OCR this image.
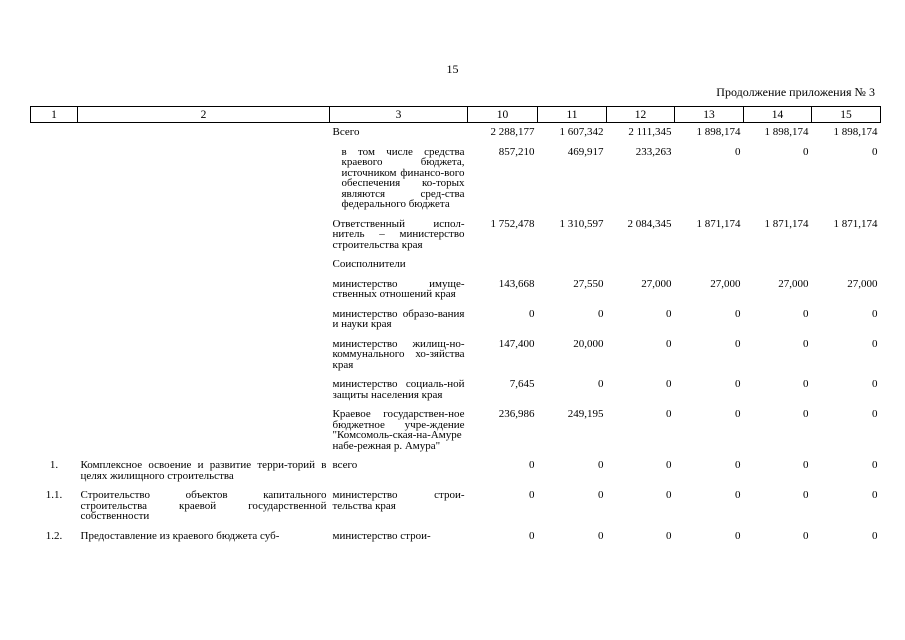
15
Продолжение приложения № 3
1	2	3	10	11	12	13	14	15
		Всего	2 288,177	1 607,342	2 111,345	1 898,174	1 898,174	1 898,174
		в том числе средства краевого бюджета, источником финансо-вого обеспечения ко-торых являются сред-ства федерального бюджета	857,210	469,917	233,263	0	0	0
		Ответственный испол-нитель – министерство строительства края	1 752,478	1 310,597	2 084,345	1 871,174	1 871,174	1 871,174
		Соисполнители						
		министерство имуще-ственных отношений края	143,668	27,550	27,000	27,000	27,000	27,000
		министерство образо-вания и науки края	0	0	0	0	0	0
		министерство жилищ-но-коммунального хо-зяйства края	147,400	20,000	0	0	0	0
		министерство социаль-ной защиты населения края	7,645	0	0	0	0	0
		Краевое государствен-ное бюджетное учре-ждение "Комсомоль-ская-на-Амуре набе-режная р. Амура"	236,986	249,195	0	0	0	0
1.	Комплексное освоение и развитие терри-торий в целях жилищного строительства	всего	0	0	0	0	0	0
1.1.	Строительство объектов капитального строительства краевой государственной собственности	министерство строи-тельства края	0	0	0	0	0	0
1.2.	Предоставление из краевого бюджета суб-	министерство строи-	0	0	0	0	0	0
